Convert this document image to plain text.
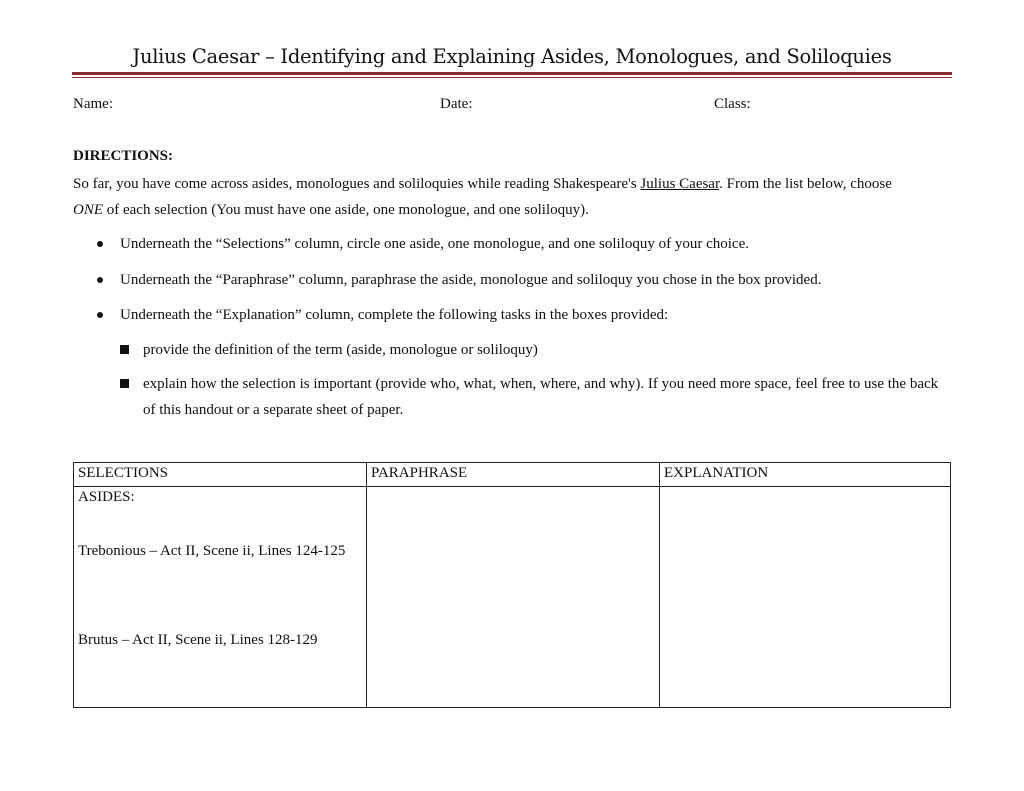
Julius Caesar – Identifying and Explaining Asides, Monologues, and Soliloquies
Name:	Date:	Class:
DIRECTIONS:
So far, you have come across asides, monologues and soliloquies while reading Shakespeare's Julius Caesar. From the list below, choose
ONE of each selection (You must have one aside, one monologue, and one soliloquy).
Underneath the “Selections” column, circle one aside, one monologue, and one soliloquy of your choice.
Underneath the “Paraphrase” column, paraphrase the aside, monologue and soliloquy you chose in the box provided.
Underneath the “Explanation” column, complete the following tasks in the boxes provided:
provide the definition of the term (aside, monologue or soliloquy)
explain how the selection is important (provide who, what, when, where, and why). If you need more space, feel free to use the back of this handout or a separate sheet of paper.
SELECTIONS	PARAPHRASE	EXPLANATION

ASIDES:
Trebonious – Act II, Scene ii, Lines 124-125
Brutus – Act II, Scene ii, Lines 128-129		
